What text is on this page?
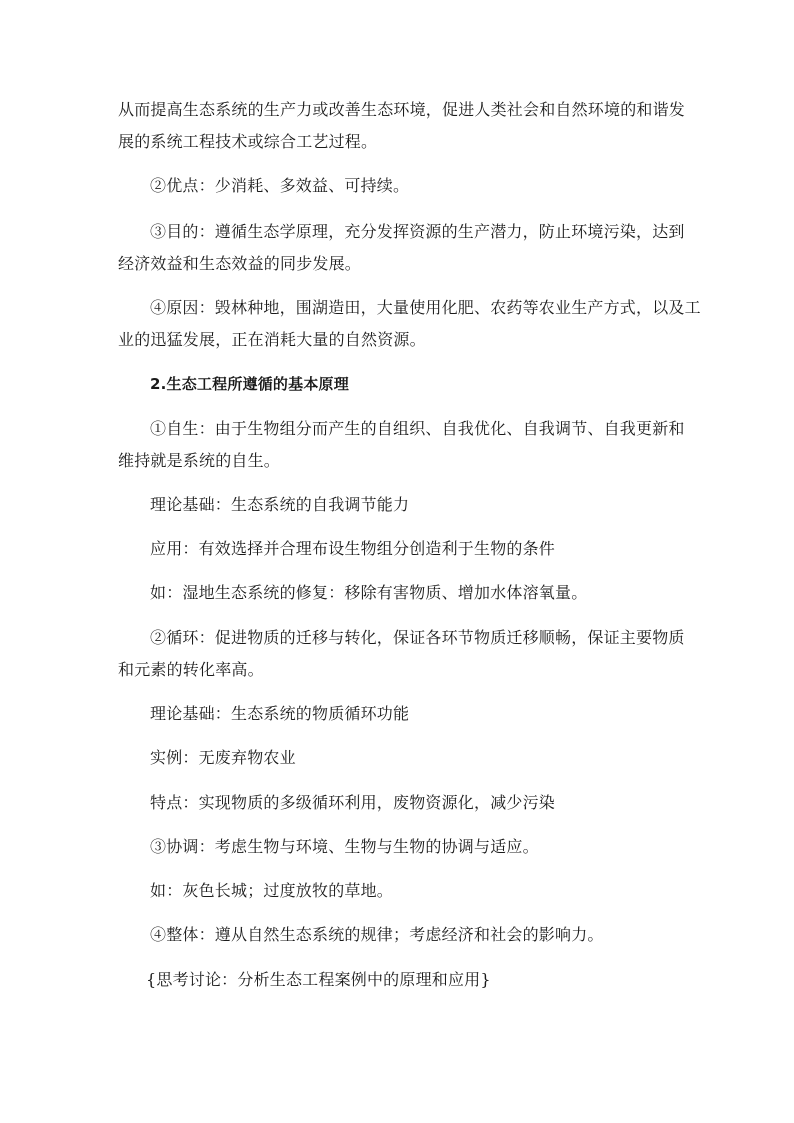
从而提高生态系统的生产力或改善生态环境，促进人类社会和自然环境的和谐发
展的系统工程技术或综合工艺过程。

②优点：少消耗、多效益、可持续。

③目的：遵循生态学原理，充分发挥资源的生产潜力，防止环境污染，达到

经济效益和生态效益的同步发展。

④原因：毁林种地，围湖造田，大量使用化肥、农药等农业生产方式，以及工

业的迅猛发展，正在消耗大量的自然资源。

2.生态工程所遵循的基本原理

①自生：由于生物组分而产生的自组织、自我优化、自我调节、自我更新和

维持就是系统的自生。

理论基础：生态系统的自我调节能力

应用：有效选择并合理布设生物组分创造利于生物的条件

如：湿地生态系统的修复：移除有害物质、增加水体溶氧量。

②循环：促进物质的迁移与转化，保证各环节物质迁移顺畅，保证主要物质

和元素的转化率高。

理论基础：生态系统的物质循环功能

实例：无废弃物农业

特点：实现物质的多级循环利用，废物资源化，减少污染

③协调：考虑生物与环境、生物与生物的协调与适应。

如：灰色长城；过度放牧的草地。

④整体：遵从自然生态系统的规律；考虑经济和社会的影响力。

{思考讨论：分析生态工程案例中的原理和应用}
